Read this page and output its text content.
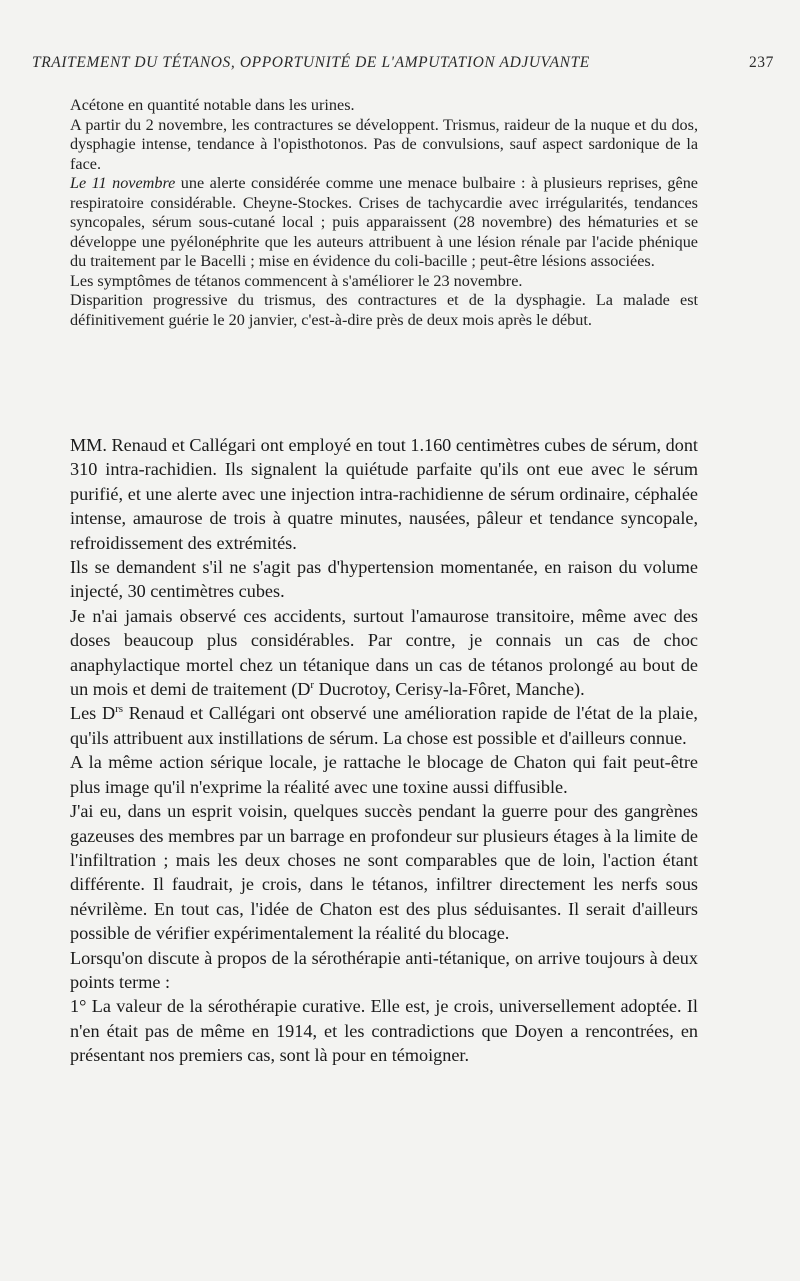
TRAITEMENT DU TÉTANOS, OPPORTUNITÉ DE L'AMPUTATION ADJUVANTE	237

Acétone en quantité notable dans les urines.

A partir du 2 novembre, les contractures se développent. Trismus, raideur de la nuque et du dos, dysphagie intense, tendance à l'opisthotonos. Pas de convulsions, sauf aspect sardonique de la face.

Le 11 novembre une alerte considérée comme une menace bulbaire : à plusieurs reprises, gêne respiratoire considérable. Cheyne-Stockes. Crises de tachycardie avec irrégularités, tendances syncopales, sérum sous-cutané local ; puis apparaissent (28 novembre) des hématuries et se développe une pyélonéphrite que les auteurs attribuent à une lésion rénale par l'acide phénique du traitement par le Bacelli ; mise en évidence du coli-bacille ; peut-être lésions associées.

Les symptômes de tétanos commencent à s'améliorer le 23 novembre.

Disparition progressive du trismus, des contractures et de la dysphagie. La malade est définitivement guérie le 20 janvier, c'est-à-dire près de deux mois après le début.

MM. Renaud et Callégari ont employé en tout 1.160 centimètres cubes de sérum, dont 310 intra-rachidien. Ils signalent la quiétude parfaite qu'ils ont eue avec le sérum purifié, et une alerte avec une injection intra-rachidienne de sérum ordinaire, céphalée intense, amaurose de trois à quatre minutes, nausées, pâleur et tendance syncopale, refroidissement des extrémités.

Ils se demandent s'il ne s'agit pas d'hypertension momentanée, en raison du volume injecté, 30 centimètres cubes.

Je n'ai jamais observé ces accidents, surtout l'amaurose transitoire, même avec des doses beaucoup plus considérables. Par contre, je connais un cas de choc anaphylactique mortel chez un tétanique dans un cas de tétanos prolongé au bout de un mois et demi de traitement ($D^r$ Ducrotoy, Cerisy-la-Fôret, Manche).

Les $D^{rs}$ Renaud et Callégari ont observé une amélioration rapide de l'état de la plaie, qu'ils attribuent aux instillations de sérum. La chose est possible et d'ailleurs connue.

A la même action sérique locale, je rattache le blocage de Chaton qui fait peut-être plus image qu'il n'exprime la réalité avec une toxine aussi diffusible.

J'ai eu, dans un esprit voisin, quelques succès pendant la guerre pour des gangrènes gazeuses des membres par un barrage en profondeur sur plusieurs étages à la limite de l'infiltration ; mais les deux choses ne sont comparables que de loin, l'action étant différente. Il faudrait, je crois, dans le tétanos, infiltrer directement les nerfs sous névrilème. En tout cas, l'idée de Chaton est des plus séduisantes. Il serait d'ailleurs possible de vérifier expérimentalement la réalité du blocage.

Lorsqu'on discute à propos de la sérothérapie anti-tétanique, on arrive toujours à deux points terme :

1° La valeur de la sérothérapie curative. Elle est, je crois, universellement adoptée. Il n'en était pas de même en 1914, et les contradictions que Doyen a rencontrées, en présentant nos premiers cas, sont là pour en témoigner.
